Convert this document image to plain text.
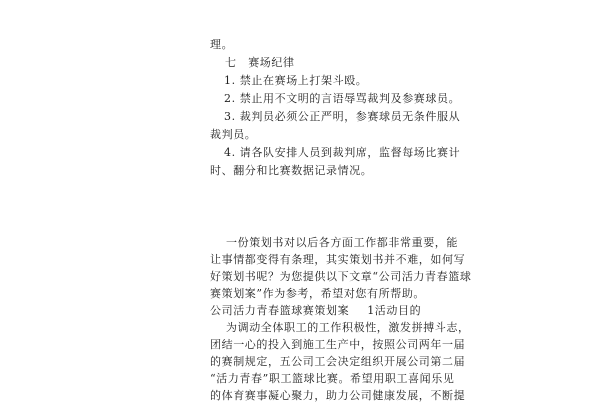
理。
七　赛场纪律
1. 禁止在赛场上打架斗殴。
2. 禁止用不文明的言语辱骂裁判及参赛球员。
3. 裁判员必须公正严明，参赛球员无条件服从
裁判员。
4. 请各队安排人员到裁判席，监督每场比赛计
时、翻分和比赛数据记录情况。
一份策划书对以后各方面工作都非常重要，能
让事情都变得有条理，其实策划书并不难，如何写
好策划书呢？为您提供以下文章“公司活力青春篮球
赛策划案”作为参考，希望对您有所帮助。
公司活力青春篮球赛策划案 1活动目的
为调动全体职工的工作积极性，激发拼搏斗志，
团结一心的投入到施工生产中，按照公司两年一届
的赛制规定，五公司工会决定组织开展公司第二届
“活力青春”职工篮球比赛。希望用职工喜闻乐见
的体育赛事凝心聚力，助力公司健康发展，不断提
